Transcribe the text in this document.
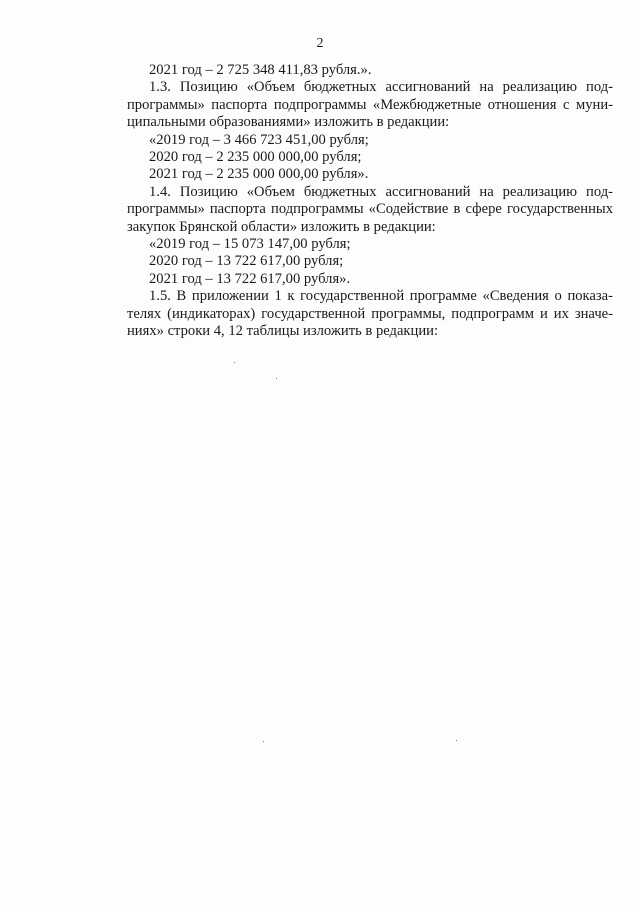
2
2021 год – 2 725 348 411,83 рубля.».
1.3. Позицию «Объем бюджетных ассигнований на реализацию под-
программы» паспорта подпрограммы «Межбюджетные отношения с муни-
ципальными образованиями» изложить в редакции:
«2019 год – 3 466 723 451,00 рубля;
2020 год – 2 235 000 000,00 рубля;
2021 год – 2 235 000 000,00 рубля».
1.4. Позицию «Объем бюджетных ассигнований на реализацию под-
программы» паспорта подпрограммы «Содействие в сфере государственных
закупок Брянской области» изложить в редакции:
«2019 год – 15 073 147,00 рубля;
2020 год – 13 722 617,00 рубля;
2021 год – 13 722 617,00 рубля».
1.5. В приложении 1 к государственной программе «Сведения о показа-
телях (индикаторах) государственной программы, подпрограмм и их значе-
ниях» строки 4, 12 таблицы изложить в редакции:
